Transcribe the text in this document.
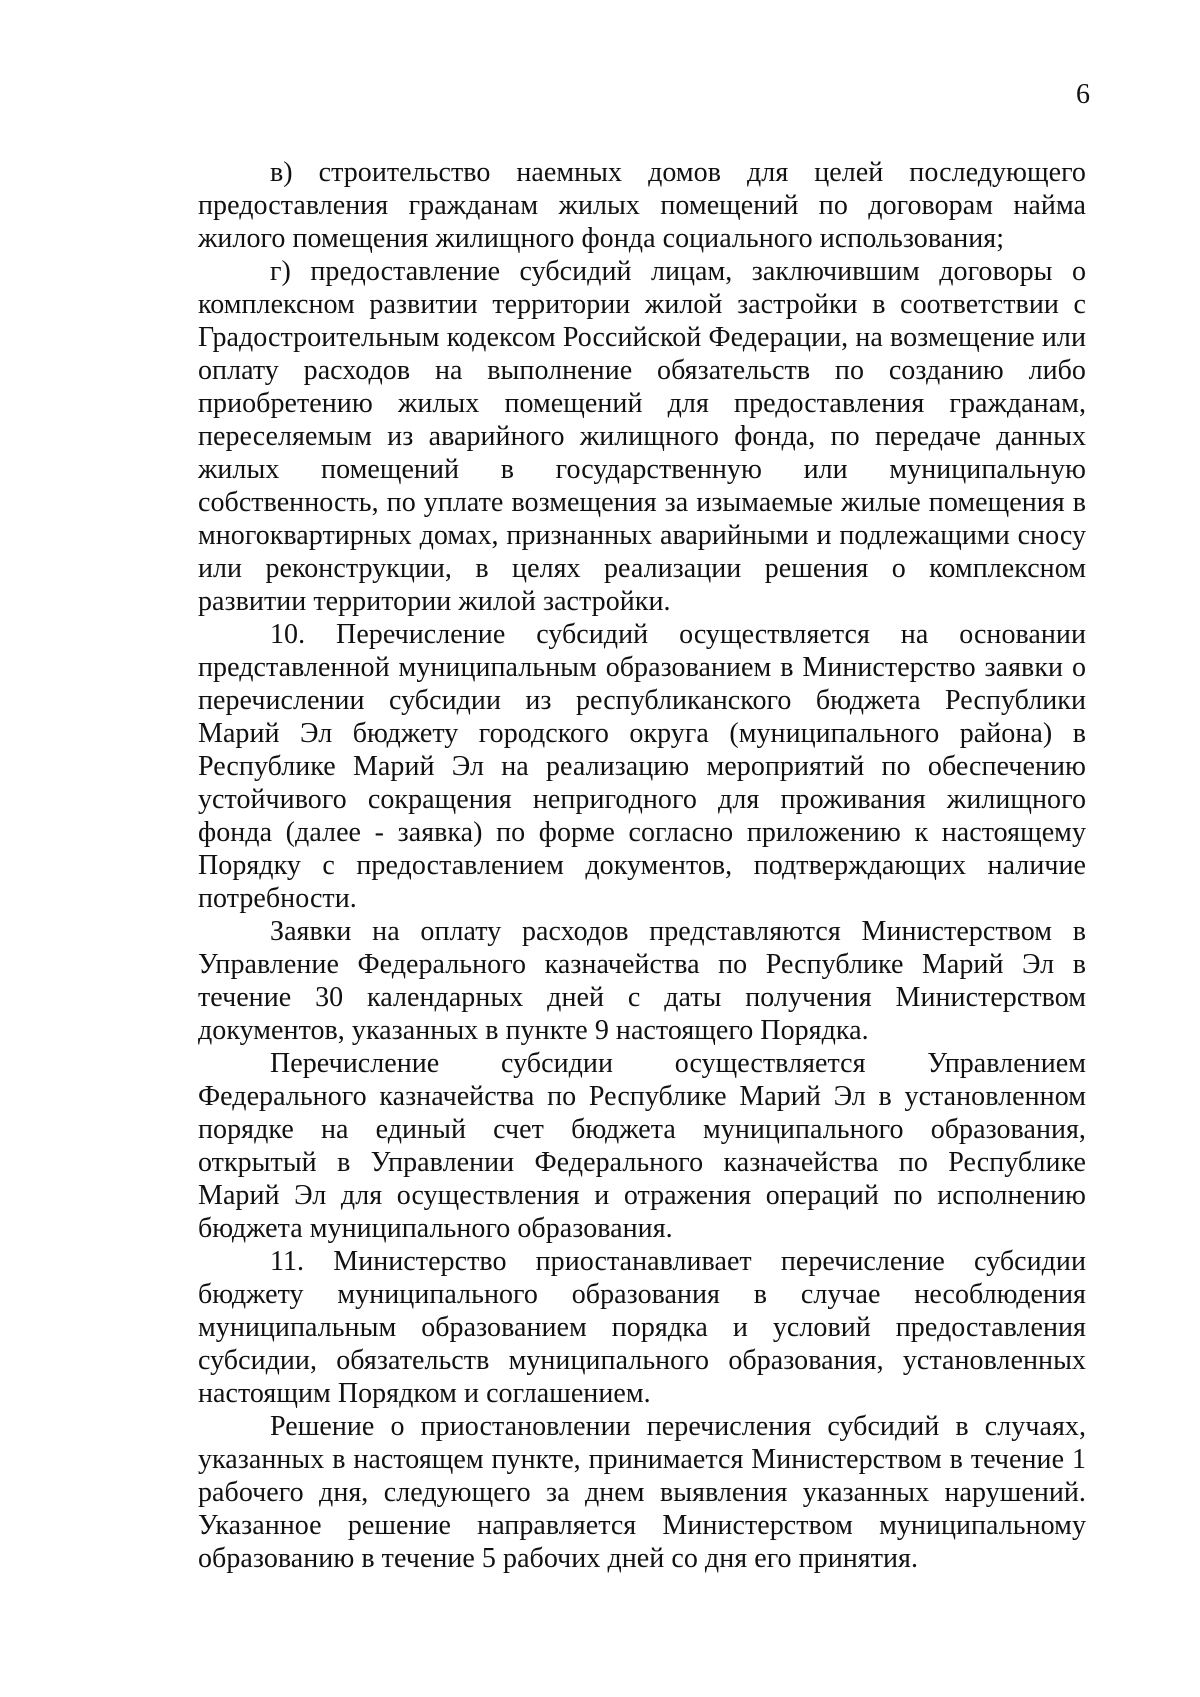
6

в) строительство наемных домов для целей последующего предоставления гражданам жилых помещений по договорам найма жилого помещения жилищного фонда социального использования;

г) предоставление субсидий лицам, заключившим договоры о комплексном развитии территории жилой застройки в соответствии с Градостроительным кодексом Российской Федерации, на возмещение или оплату расходов на выполнение обязательств по созданию либо приобретению жилых помещений для предоставления гражданам, переселяемым из аварийного жилищного фонда, по передаче данных жилых помещений в государственную или муниципальную собственность, по уплате возмещения за изымаемые жилые помещения в многоквартирных домах, признанных аварийными и подлежащими сносу или реконструкции, в целях реализации решения о комплексном развитии территории жилой застройки.

10. Перечисление субсидий осуществляется на основании представленной муниципальным образованием в Министерство заявки о перечислении субсидии из республиканского бюджета Республики Марий Эл бюджету городского округа (муниципального района) в Республике Марий Эл на реализацию мероприятий по обеспечению устойчивого сокращения непригодного для проживания жилищного фонда (далее - заявка) по форме согласно приложению к настоящему Порядку с предоставлением документов, подтверждающих наличие потребности.

Заявки на оплату расходов представляются Министерством в Управление Федерального казначейства по Республике Марий Эл в течение 30 календарных дней с даты получения Министерством документов, указанных в пункте 9 настоящего Порядка.

Перечисление субсидии осуществляется Управлением Федерального казначейства по Республике Марий Эл в установленном порядке на единый счет бюджета муниципального образования, открытый в Управлении Федерального казначейства по Республике Марий Эл для осуществления и отражения операций по исполнению бюджета муниципального образования.

11. Министерство приостанавливает перечисление субсидии бюджету муниципального образования в случае несоблюдения муниципальным образованием порядка и условий предоставления субсидии, обязательств муниципального образования, установленных настоящим Порядком и соглашением.

Решение о приостановлении перечисления субсидий в случаях, указанных в настоящем пункте, принимается Министерством в течение 1 рабочего дня, следующего за днем выявления указанных нарушений. Указанное решение направляется Министерством муниципальному образованию в течение 5 рабочих дней со дня его принятия.
